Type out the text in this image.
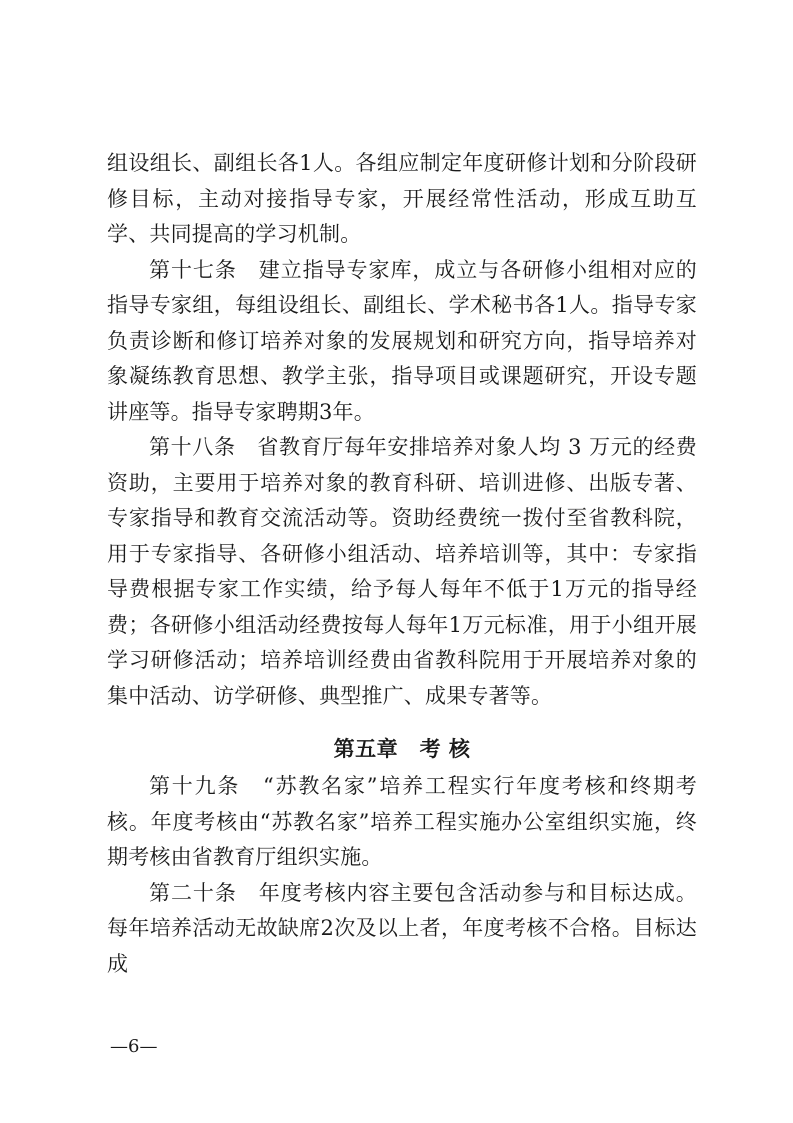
组设组长、副组长各1人。各组应制定年度研修计划和分阶段研修目标，主动对接指导专家，开展经常性活动，形成互助互学、共同提高的学习机制。

第十七条　建立指导专家库，成立与各研修小组相对应的指导专家组，每组设组长、副组长、学术秘书各1人。指导专家负责诊断和修订培养对象的发展规划和研究方向，指导培养对象凝练教育思想、教学主张，指导项目或课题研究，开设专题讲座等。指导专家聘期3年。

第十八条　省教育厅每年安排培养对象人均 3 万元的经费资助，主要用于培养对象的教育科研、培训进修、出版专著、专家指导和教育交流活动等。资助经费统一拨付至省教科院，用于专家指导、各研修小组活动、培养培训等，其中：专家指导费根据专家工作实绩，给予每人每年不低于1万元的指导经费；各研修小组活动经费按每人每年1万元标准，用于小组开展学习研修活动；培养培训经费由省教科院用于开展培养对象的集中活动、访学研修、典型推广、成果专著等。

第五章　考 核

第十九条　“苏教名家”培养工程实行年度考核和终期考核。年度考核由“苏教名家”培养工程实施办公室组织实施，终期考核由省教育厅组织实施。

第二十条　年度考核内容主要包含活动参与和目标达成。每年培养活动无故缺席2次及以上者，年度考核不合格。目标达成

—6—
